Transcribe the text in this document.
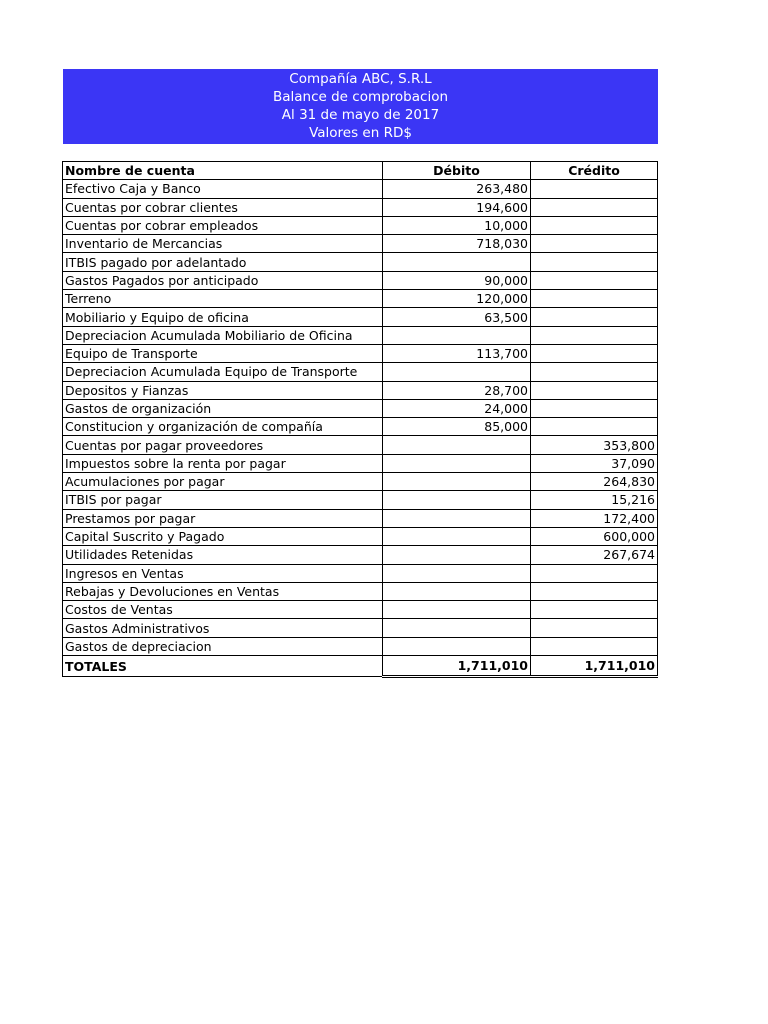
Compañía ABC, S.R.L
Balance de comprobacion
Al 31 de mayo de 2017
Valores en RD$
Nombre de cuenta	Débito	Crédito
Efectivo Caja y Banco	263,480	
Cuentas por cobrar clientes	194,600	
Cuentas por cobrar empleados	10,000	
Inventario de Mercancias	718,030	
ITBIS pagado por adelantado		
Gastos Pagados por anticipado	90,000	
Terreno	120,000	
Mobiliario y Equipo de oficina	63,500	
Depreciacion Acumulada Mobiliario de Oficina		
Equipo de Transporte	113,700	
Depreciacion Acumulada Equipo de Transporte		
Depositos y Fianzas	28,700	
Gastos de organización	24,000	
Constitucion y organización de compañía	85,000	
Cuentas por pagar proveedores		353,800
Impuestos sobre la renta por pagar		37,090
Acumulaciones por pagar		264,830
ITBIS por pagar		15,216
Prestamos por pagar		172,400
Capital Suscrito y Pagado		600,000
Utilidades Retenidas		267,674
Ingresos en Ventas		
Rebajas y Devoluciones en Ventas		
Costos de Ventas		
Gastos Administrativos		
Gastos de depreciacion		
TOTALES	1,711,010	1,711,010
